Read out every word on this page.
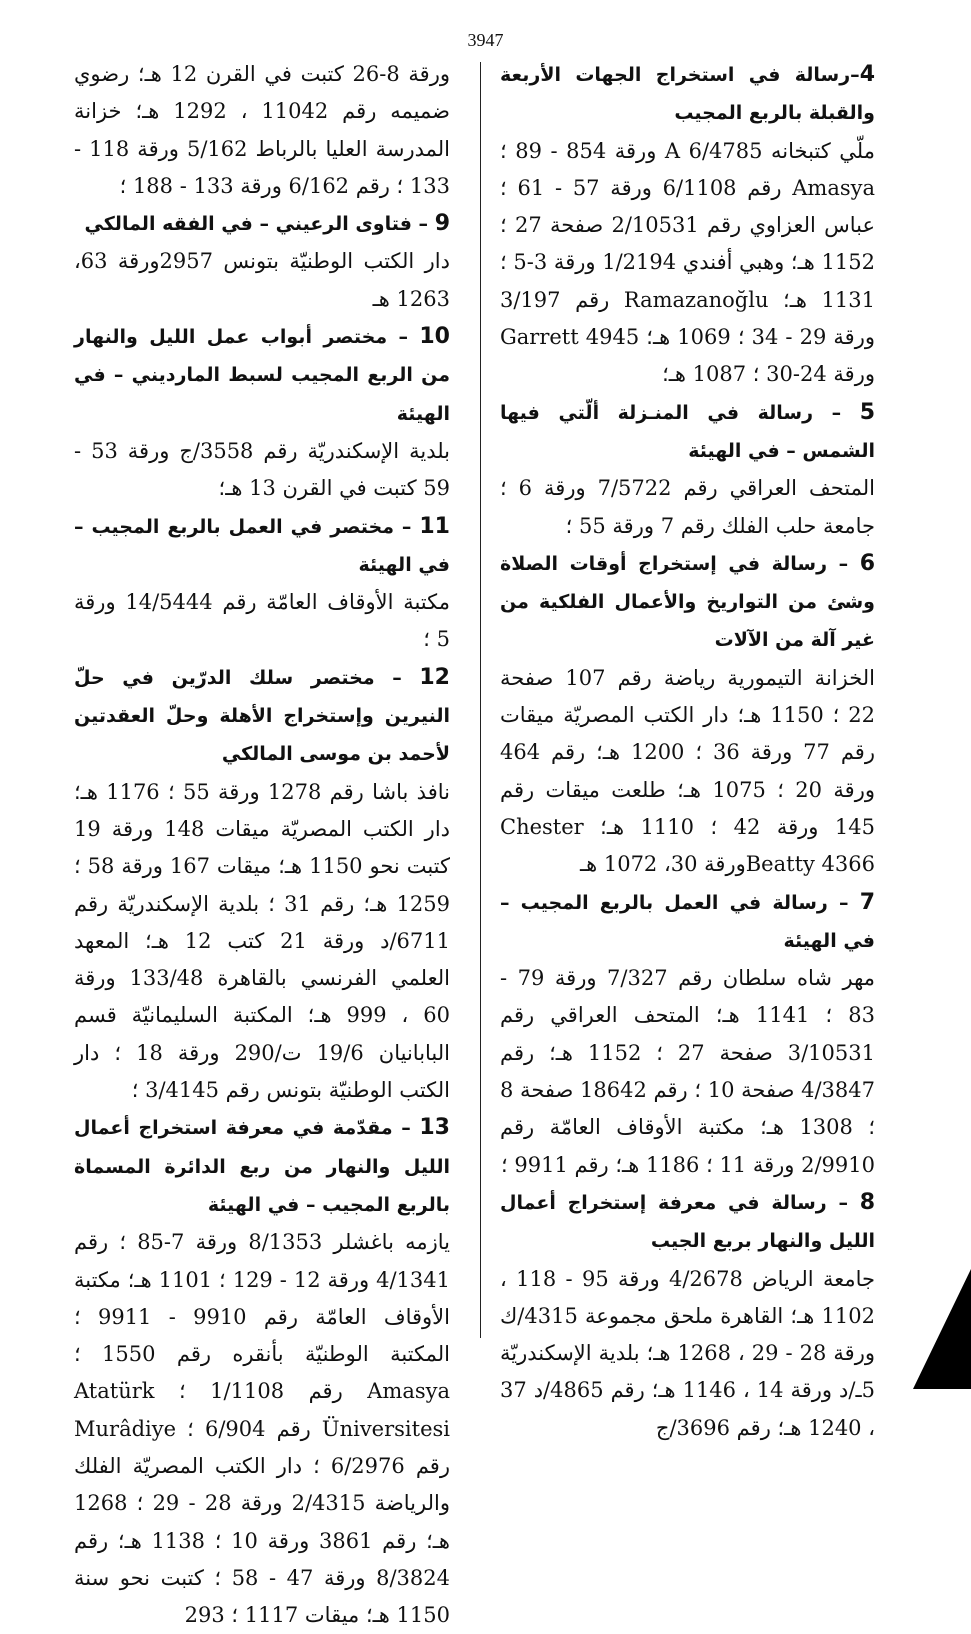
3947
4–رسالة في استخراج الجهات الأربعة والقبلة بالربع المجيب
ملّي كتبخانه 6/4785 A ورقة 854 - 89 ؛ Amasya رقم 6/1108 ورقة 57 - 61 ؛ عباس العزاوي رقم 2/10531 صفحة 27 ؛ 1152 هـ؛ وهبي أفندي 1/2194 ورقة 3-5 ؛ 1131 هـ؛ Ramazanoğlu رقم 3/197 ورقة 29 - 34 ؛ 1069 هـ؛ Garrett 4945 ورقة 24-30 ؛ 1087 هـ؛
5 – رسالة في المنـزلة ألّتي فيها الشمس – في الهيئة
المتحف العراقي رقم 7/5722 ورقة 6 ؛ جامعة حلب الفلك رقم 7 ورقة 55 ؛
6 – رسالة في إستخراج أوقات الصلاة وشئ من التواريخ والأعمال الفلكية من غير آلة من الآلات
الخزانة التيمورية رياضة رقم 107 صفحة 22 ؛ 1150 هـ؛ دار الكتب المصريّة ميقات رقم 77 ورقة 36 ؛ 1200 هـ؛ رقم 464 ورقة 20 ؛ 1075 هـ؛ طلعت ميقات رقم 145 ورقة 42 ؛ 1110 هـ؛ Chester Beatty 4366ورقة 30، 1072 هـ
7 – رسالة في العمل بالربع المجيب – في الهيئة
مهر شاه سلطان رقم 7/327 ورقة 79 - 83 ؛ 1141 هـ؛ المتحف العراقي رقم 3/10531 صفحة 27 ؛ 1152 هـ؛ رقم 4/3847 صفحة 10 ؛ رقم 18642 صفحة 8 ؛ 1308 هـ؛ مكتبة الأوقاف العامّة رقم 2/9910 ورقة 11 ؛ 1186 هـ؛ رقم 9911 ؛
8 – رسالة في معرفة إستخراج أعمال الليل والنهار بربع الجيب
جامعة الرياض 4/2678 ورقة 95 - 118 ، 1102 هـ؛ القاهرة ملحق مجموعة 4315/ك ورقة 28 - 29 ، 1268 هـ؛ بلدية الإسكندريّة 5ـ/د ورقة 14 ، 1146 هـ؛ رقم 4865/د 37 ، 1240 هـ؛ رقم 3696/ج
ورقة 8-26 كتبت في القرن 12 هـ؛ رضوي ضميمه رقم 11042 ، 1292 هـ؛ خزانة المدرسة العليا بالرباط 5/162 ورقة 118 - 133 ؛ رقم 6/162 ورقة 133 - 188 ؛
9 – فتاوى الرعيني – في الفقه المالكي
دار الكتب الوطنيّة بتونس 2957ورقة 63، 1263 هـ
10 – مختصر أبواب عمل الليل والنهار من الربع المجيب لسبط المارديني – في الهيئة
بلدية الإسكندريّة رقم 3558/ج ورقة 53 - 59 كتبت في القرن 13 هـ؛
11 – مختصر في العمل بالربع المجيب – في الهيئة
مكتبة الأوقاف العامّة رقم 14/5444 ورقة 5 ؛
12 – مختصر سلك الدرّين في حلّ النيرين وإستخراج الأهلة وحلّ العقدتين لأحمد بن موسى المالكي
نافذ باشا رقم 1278 ورقة 55 ؛ 1176 هـ؛ دار الكتب المصريّة ميقات 148 ورقة 19 كتبت نحو 1150 هـ؛ ميقات 167 ورقة 58 ؛ 1259 هـ؛ رقم 31 ؛ بلدية الإسكندريّة رقم 6711/د ورقة 21 كتب 12 هـ؛ المعهد العلمي الفرنسي بالقاهرة 133/48 ورقة 60 ، 999 هـ؛ المكتبة السليمانيّة قسم البابانيان 19/6 ت/290 ورقة 18 ؛ دار الكتب الوطنيّة بتونس رقم 3/4145 ؛
13 – مقدّمة في معرفة استخراج أعمال الليل والنهار من ربع الدائرة المسماة بالربع المجيب – في الهيئة
يازمه باغشلر 8/1353 ورقة 7-85 ؛ رقم 4/1341 ورقة 12 - 129 ؛ 1101 هـ؛ مكتبة الأوقاف العامّة رقم 9910 - 9911 ؛ المكتبة الوطنيّة بأنقره رقم 1550 ؛ Amasya رقم 1/1108 ؛ Atatürk Üniversitesi رقم 6/904 ؛ Murâdiye رقم 6/2976 ؛ دار الكتب المصريّة الفلك والرياضة 2/4315 ورقة 28 - 29 ؛ 1268 هـ؛ رقم 3861 ورقة 10 ؛ 1138 هـ؛ رقم 8/3824 ورقة 47 - 58 ؛ كتبت نحو سنة 1150 هـ؛ ميقات 1117 ؛ 293
